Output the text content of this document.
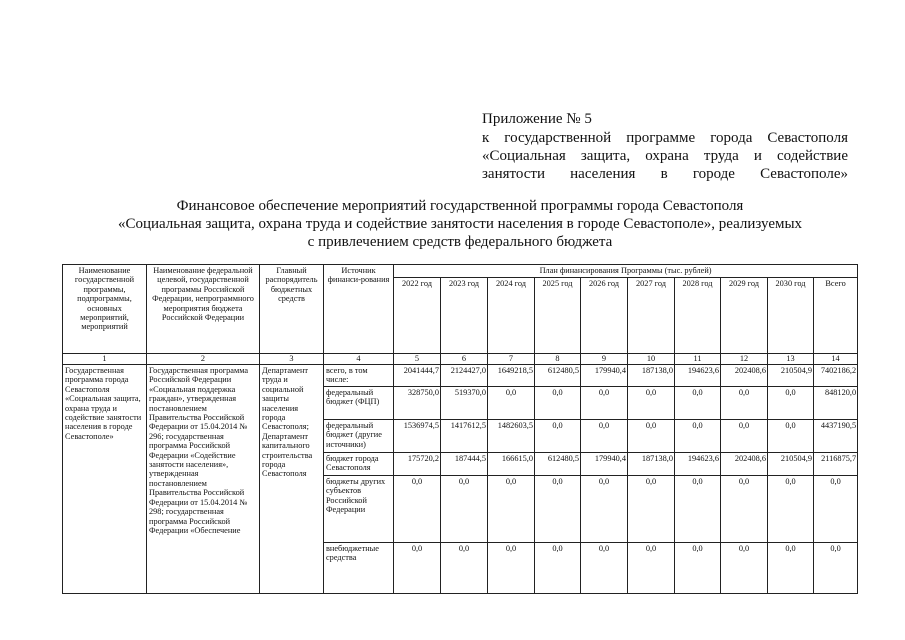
Приложение № 5
к государственной программе города Севастополя
«Социальная защита, охрана труда и содействие
занятости населения в городе Севастополе»
Финансовое обеспечение мероприятий государственной программы города Севастополя
«Социальная защита, охрана труда и содействие занятости населения в городе Севастополе», реализуемых
с привлечением средств федерального бюджета
Наименование государственной программы, подпрограммы, основных мероприятий, мероприятий	Наименование федеральной целевой, государственной программы Российской Федерации, непрограммного мероприятия бюджета Российской Федерации	Главный распорядитель бюджетных средств	Источник финанси-рования	План финансирования Программы (тыс. рублей)									
				2022 год	2023 год	2024 год	2025 год	2026 год	2027 год	2028 год	2029 год	2030 год	Всего
1	2	3	4	5	6	7	8	9	10	11	12	13	14
Государственная программа города Севастополя «Социальная защита, охрана труда и содействие занятости населения в городе Севастополе»	Государственная программа Российской Федерации «Социальная поддержка граждан», утвержденная постановлением Правительства Российской Федерации от 15.04.2014 № 296; государственная программа Российской Федерации «Содействие занятости населения», утвержденная постановлением Правительства Российской Федерации от 15.04.2014 № 298; государственная программа Российской Федерации «Обеспечение	Департамент труда и социальной защиты населения города Севастополя; Департамент капитального строительства города Севастополя	всего, в том числе:	2041444,7	2124427,0	1649218,5	612480,5	179940,4	187138,0	194623,6	202408,6	210504,9	7402186,2
			федеральный бюджет (ФЦП)	328750,0	519370,0	0,0	0,0	0,0	0,0	0,0	0,0	0,0	848120,0
			федеральный бюджет (другие источники)	1536974,5	1417612,5	1482603,5	0,0	0,0	0,0	0,0	0,0	0,0	4437190,5
			бюджет города Севастополя	175720,2	187444,5	166615,0	612480,5	179940,4	187138,0	194623,6	202408,6	210504,9	2116875,7
			бюджеты других субъектов Российской Федерации	0,0	0,0	0,0	0,0	0,0	0,0	0,0	0,0	0,0	0,0
			внебюджетные средства	0,0	0,0	0,0	0,0	0,0	0,0	0,0	0,0	0,0	0,0
